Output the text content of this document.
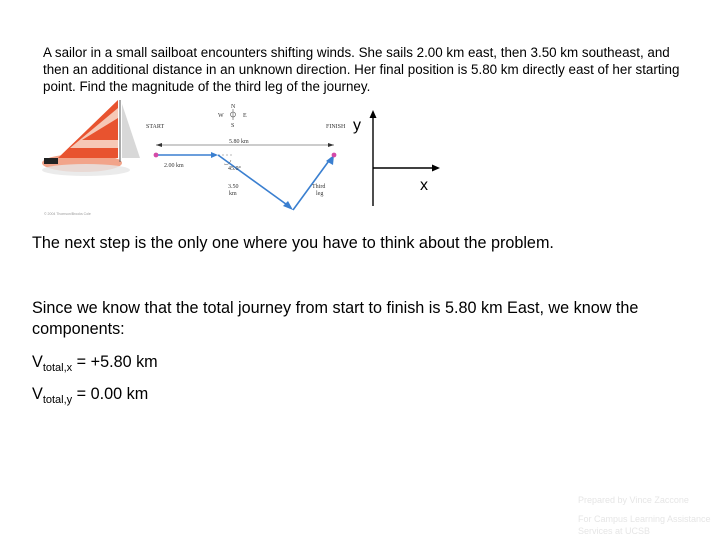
A sailor in a small sailboat encounters shifting winds. She sails 2.00 km east, then 3.50 km southeast, and then an additional distance in an unknown direction. Her final position is 5.80 km directly east of her starting point. Find the magnitude of the third leg of the journey.
© 2004 Thomson/Brooks Cole
N
W	E
S
START	FINISH
5.80 km
2.00 km	45.0°
3.50
km
Third
leg
y
x
The next step is the only one where you have to think about the problem.
Since we know that the total journey from start to finish is 5.80 km East, we know the components:
$V_{total,x} = +5.80$ km
$V_{total,y} = 0.00$ km
Prepared by Vince Zaccone
For Campus Learning Assistance Services at UCSB
